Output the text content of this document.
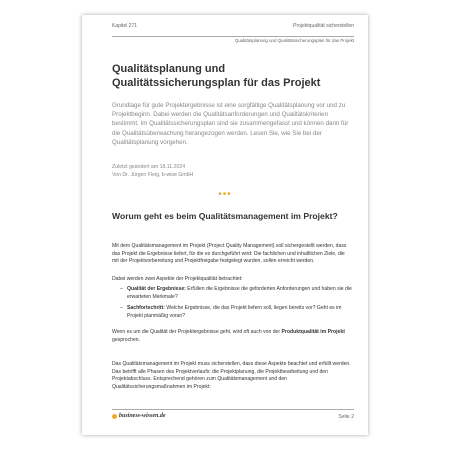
Kapitel 271	Projektqualität sicherstellen
Qualitätsplanung und Qualitätssicherungsplan für das Projekt
Qualitätsplanung und Qualitätssicherungsplan für das Projekt

Grundlage für gute Projektergebnisse ist eine sorgfältige Qualitätsplanung vor und zu Projektbeginn. Dabei werden die Qualitätsanforderungen und Qualitätskriterien bestimmt. Im Qualitätssicherungsplan sind sie zusammengefasst und können dann für die Qualitätsüberwachung herangezogen werden. Lesen Sie, wie Sie bei der Qualitätsplanung vorgehen.

Zuletzt geändert am 18.11.2024
Von Dr. Jürgen Fleig, b-wise GmbH
•••
Worum geht es beim Qualitätsmanagement im Projekt?

Mit dem Qualitätsmanagement im Projekt (Project Quality Management) soll sichergestellt werden, dass das Projekt die Ergebnisse liefert, für die es durchgeführt wird: Die fachlichen und inhaltlichen Ziele, die mit der Projektvorbereitung und Projektfreigabe festgelegt wurden, sollen erreicht werden.

Dabei werden zwei Aspekte der Projektqualität betrachtet:

– Qualität der Ergebnisse: Erfüllen die Ergebnisse die geforderten Anforderungen und haben sie die erwarteten Merkmale?

– Sachfortschritt: Welche Ergebnisse, die das Projekt liefern soll, liegen bereits vor? Geht es im Projekt planmäßig voran?

Wenn es um die Qualität der Projektergebnisse geht, wird oft auch von der Produktqualität im Projekt gesprochen.

Das Qualitätsmanagement im Projekt muss sicherstellen, dass diese Aspekte beachtet und erfüllt werden. Das betrifft alle Phasen des Projektverlaufs: die Projektplanung, die Projektbearbeitung und den Projektabschluss. Entsprechend gehören zum Qualitätsmanagement und den Qualitätssicherungsmaßnahmen im Projekt:

business-wissen.de	Seite 2
